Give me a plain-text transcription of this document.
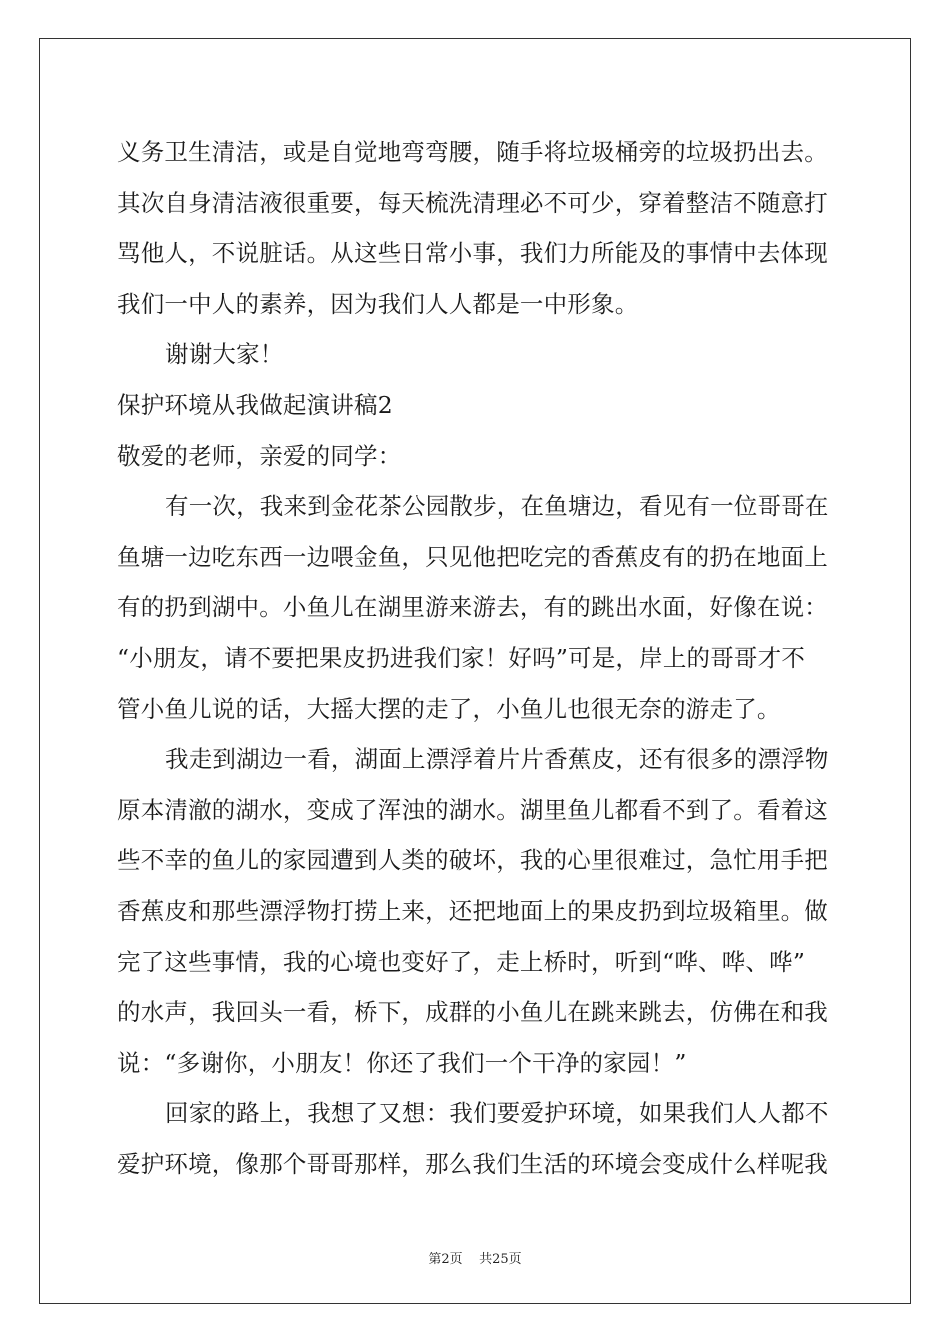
义务卫生清洁，或是自觉地弯弯腰，随手将垃圾桶旁的垃圾扔出去。
其次自身清洁液很重要，每天梳洗清理必不可少，穿着整洁不随意打
骂他人，不说脏话。从这些日常小事，我们力所能及的事情中去体现
我们一中人的素养，因为我们人人都是一中形象。
谢谢大家！
保护环境从我做起演讲稿2
敬爱的老师，亲爱的同学：
有一次，我来到金花茶公园散步，在鱼塘边，看见有一位哥哥在
鱼塘一边吃东西一边喂金鱼，只见他把吃完的香蕉皮有的扔在地面上
有的扔到湖中。小鱼儿在湖里游来游去，有的跳出水面，好像在说：
“小朋友，请不要把果皮扔进我们家！好吗”可是，岸上的哥哥才不
管小鱼儿说的话，大摇大摆的走了，小鱼儿也很无奈的游走了。
我走到湖边一看，湖面上漂浮着片片香蕉皮，还有很多的漂浮物
原本清澈的湖水，变成了浑浊的湖水。湖里鱼儿都看不到了。看着这
些不幸的鱼儿的家园遭到人类的破坏，我的心里很难过，急忙用手把
香蕉皮和那些漂浮物打捞上来，还把地面上的果皮扔到垃圾箱里。做
完了这些事情，我的心境也变好了，走上桥时，听到“哗、哗、哗”
的水声，我回头一看，桥下，成群的小鱼儿在跳来跳去，仿佛在和我
说：“多谢你，小朋友！你还了我们一个干净的家园！”
回家的路上，我想了又想：我们要爱护环境，如果我们人人都不
爱护环境，像那个哥哥那样，那么我们生活的环境会变成什么样呢我
第2页 共25页
